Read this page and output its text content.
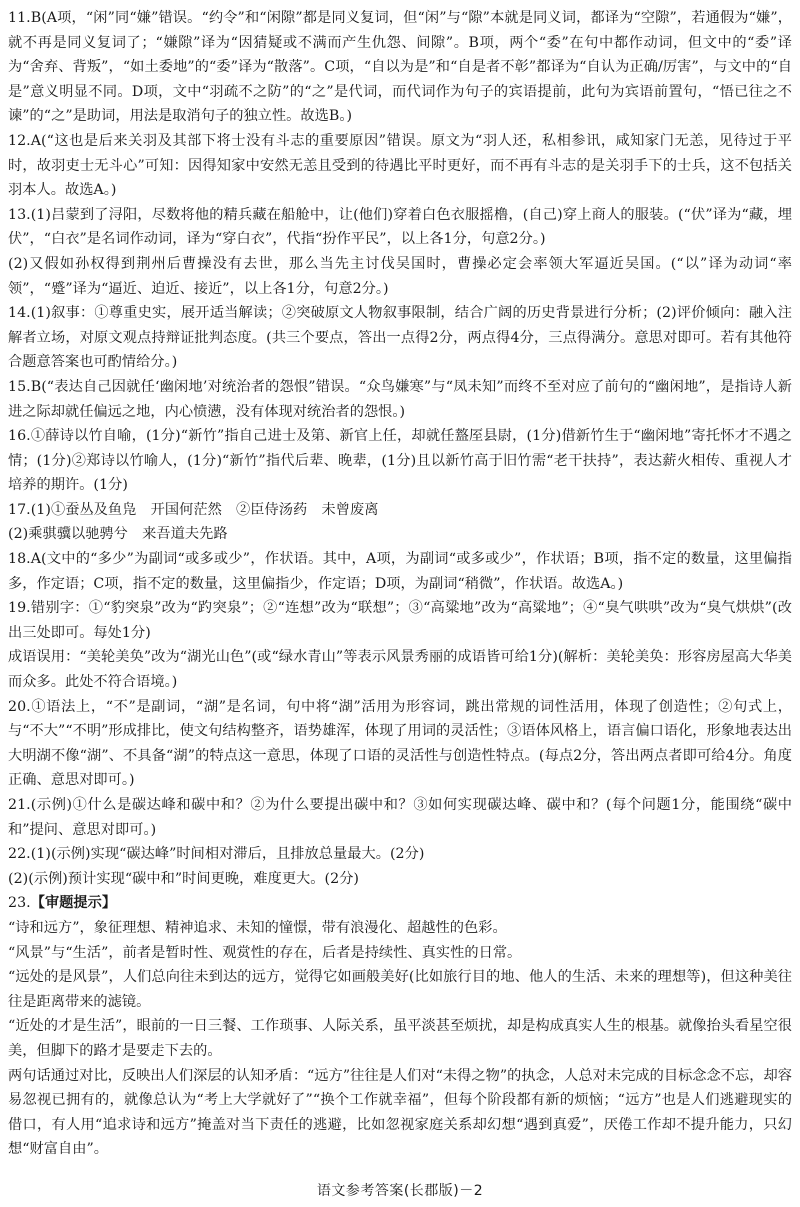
11.B(A项，“闲”同“嫌”错误。“约令”和“闲隙”都是同义复词，但“闲”与“隙”本就是同义词，都译为“空隙”，若通假为“嫌”，就不再是同义复词了；“嫌隙”译为“因猜疑或不满而产生仇怨、间隙”。B项，两个“委”在句中都作动词，但文中的“委”译为“舍弃、背叛”，“如土委地”的“委”译为“散落”。C项，“自以为是”和“自是者不彰”都译为“自认为正确/厉害”，与文中的“自是”意义明显不同。D项，文中“羽疏不之防”的“之”是代词，而代词作为句子的宾语提前，此句为宾语前置句，“悟已往之不谏”的“之”是助词，用法是取消句子的独立性。故选B。)
12.A(“这也是后来关羽及其部下将士没有斗志的重要原因”错误。原文为“羽人还，私相参讯，咸知家门无恙，见待过于平时，故羽吏士无斗心”可知：因得知家中安然无恙且受到的待遇比平时更好，而不再有斗志的是关羽手下的士兵，这不包括关羽本人。故选A。)
13.(1)吕蒙到了浔阳，尽数将他的精兵藏在船舱中，让(他们)穿着白色衣服摇橹，(自己)穿上商人的服装。(“伏”译为“藏，埋伏”，“白衣”是名词作动词，译为“穿白衣”，代指“扮作平民”，以上各1分，句意2分。)
(2)又假如孙权得到荆州后曹操没有去世，那么当先主讨伐吴国时，曹操必定会率领大军逼近吴国。(“以”译为动词“率领”，“蹙”译为“逼近、迫近、接近”，以上各1分，句意2分。)
14.(1)叙事：①尊重史实，展开适当解读；②突破原文人物叙事限制，结合广阔的历史背景进行分析；(2)评价倾向：融入注解者立场，对原文观点持辩证批判态度。(共三个要点，答出一点得2分，两点得4分，三点得满分。意思对即可。若有其他符合题意答案也可酌情给分。)
15.B(“表达自己因就任‘幽闲地’对统治者的怨恨”错误。“众鸟嫌寒”与“凤未知”而终不至对应了前句的“幽闲地”，是指诗人新进之际却就任偏远之地，内心愤懑，没有体现对统治者的怨恨。)
16.①薛诗以竹自喻，(1分)“新竹”指自己进士及第、新官上任，却就任盩厔县尉，(1分)借新竹生于“幽闲地”寄托怀才不遇之情；(1分)②郑诗以竹喻人，(1分)“新竹”指代后辈、晚辈，(1分)且以新竹高于旧竹需“老干扶持”，表达薪火相传、重视人才培养的期许。(1分)
17.(1)①蚕丛及鱼凫　开国何茫然　②臣侍汤药　未曾废离
(2)乘骐骥以驰骋兮　来吾道夫先路
18.A(文中的“多少”为副词“或多或少”，作状语。其中，A项，为副词“或多或少”，作状语；B项，指不定的数量，这里偏指多，作定语；C项，指不定的数量，这里偏指少，作定语；D项，为副词“稍微”，作状语。故选A。)
19.错别字：①“豹突泉”改为“趵突泉”；②“连想”改为“联想”；③“高粱地”改为“高粱地”；④“臭气哄哄”改为“臭气烘烘”(改出三处即可。每处1分)
成语误用：“美轮美奂”改为“湖光山色”(或“绿水青山”等表示风景秀丽的成语皆可给1分)(解析：美轮美奂：形容房屋高大华美而众多。此处不符合语境。)
20.①语法上，“不”是副词，“湖”是名词，句中将“湖”活用为形容词，跳出常规的词性活用，体现了创造性；②句式上，与“不大”“不明”形成排比，使文句结构整齐，语势雄浑，体现了用词的灵活性；③语体风格上，语言偏口语化，形象地表达出大明湖不像“湖”、不具备“湖”的特点这一意思，体现了口语的灵活性与创造性特点。(每点2分，答出两点者即可给4分。角度正确、意思对即可。)
21.(示例)①什么是碳达峰和碳中和？②为什么要提出碳中和？③如何实现碳达峰、碳中和？(每个问题1分，能围绕“碳中和”提问、意思对即可。)
22.(1)(示例)实现“碳达峰”时间相对滞后，且排放总量最大。(2分)
(2)(示例)预计实现“碳中和”时间更晚，难度更大。(2分)
23.【审题提示】
“诗和远方”，象征理想、精神追求、未知的憧憬，带有浪漫化、超越性的色彩。
“风景”与“生活”，前者是暂时性、观赏性的存在，后者是持续性、真实性的日常。
“远处的是风景”，人们总向往未到达的远方，觉得它如画般美好(比如旅行目的地、他人的生活、未来的理想等)，但这种美往往是距离带来的滤镜。
“近处的才是生活”，眼前的一日三餐、工作琐事、人际关系，虽平淡甚至烦扰，却是构成真实人生的根基。就像抬头看星空很美，但脚下的路才是要走下去的。
两句话通过对比，反映出人们深层的认知矛盾：“远方”往往是人们对“未得之物”的执念，人总对未完成的目标念念不忘，却容易忽视已拥有的，就像总认为“考上大学就好了”“换个工作就幸福”，但每个阶段都有新的烦恼；“远方”也是人们逃避现实的借口，有人用“追求诗和远方”掩盖对当下责任的逃避，比如忽视家庭关系却幻想“遇到真爱”，厌倦工作却不提升能力，只幻想“财富自由”。
语文参考答案(长郡版)－2
